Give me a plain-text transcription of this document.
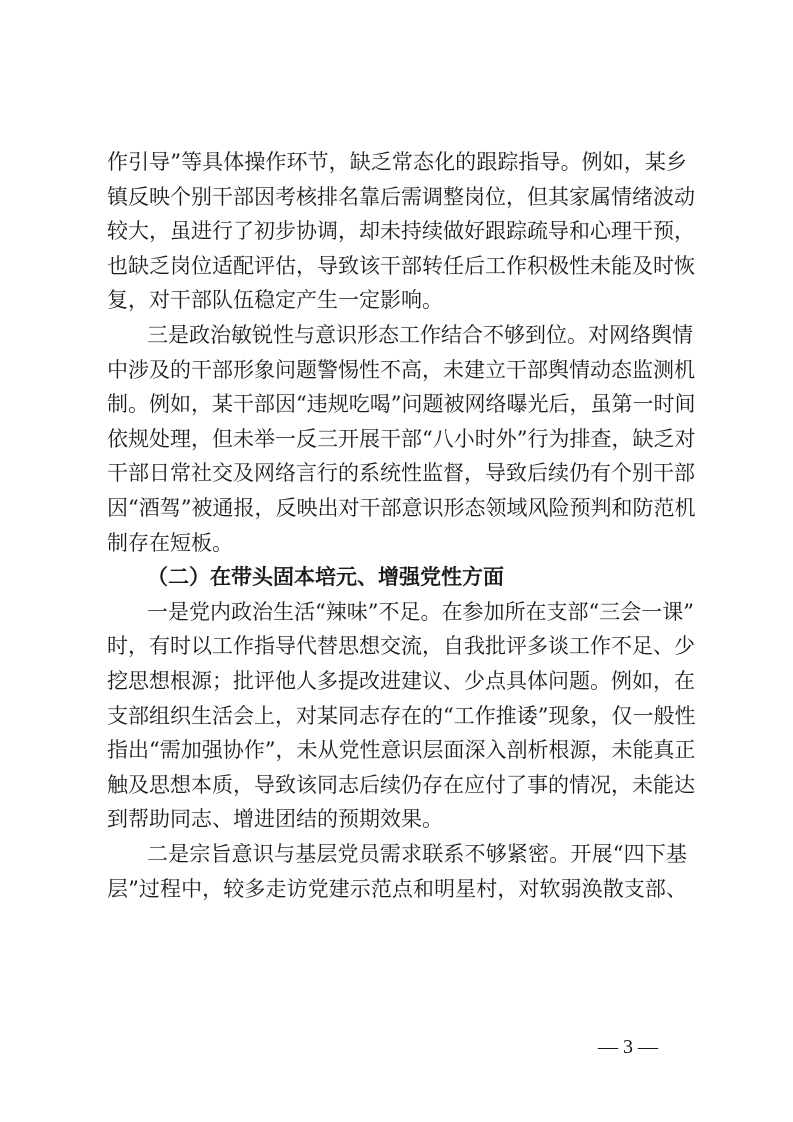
作引导”等具体操作环节，缺乏常态化的跟踪指导。例如，某乡
镇反映个别干部因考核排名靠后需调整岗位，但其家属情绪波动
较大，虽进行了初步协调，却未持续做好跟踪疏导和心理干预，
也缺乏岗位适配评估，导致该干部转任后工作积极性未能及时恢
复，对干部队伍稳定产生一定影响。
三是政治敏锐性与意识形态工作结合不够到位。对网络舆情
中涉及的干部形象问题警惕性不高，未建立干部舆情动态监测机
制。例如，某干部因“违规吃喝”问题被网络曝光后，虽第一时间
依规处理，但未举一反三开展干部“八小时外”行为排查，缺乏对
干部日常社交及网络言行的系统性监督，导致后续仍有个别干部
因“酒驾”被通报，反映出对干部意识形态领域风险预判和防范机
制存在短板。
（二）在带头固本培元、增强党性方面
一是党内政治生活“辣味”不足。在参加所在支部“三会一课”
时，有时以工作指导代替思想交流，自我批评多谈工作不足、少
挖思想根源；批评他人多提改进建议、少点具体问题。例如，在
支部组织生活会上，对某同志存在的“工作推诿”现象，仅一般性
指出“需加强协作”，未从党性意识层面深入剖析根源，未能真正
触及思想本质，导致该同志后续仍存在应付了事的情况，未能达
到帮助同志、增进团结的预期效果。
二是宗旨意识与基层党员需求联系不够紧密。开展“四下基
层”过程中，较多走访党建示范点和明星村，对软弱涣散支部、
— 3 —
